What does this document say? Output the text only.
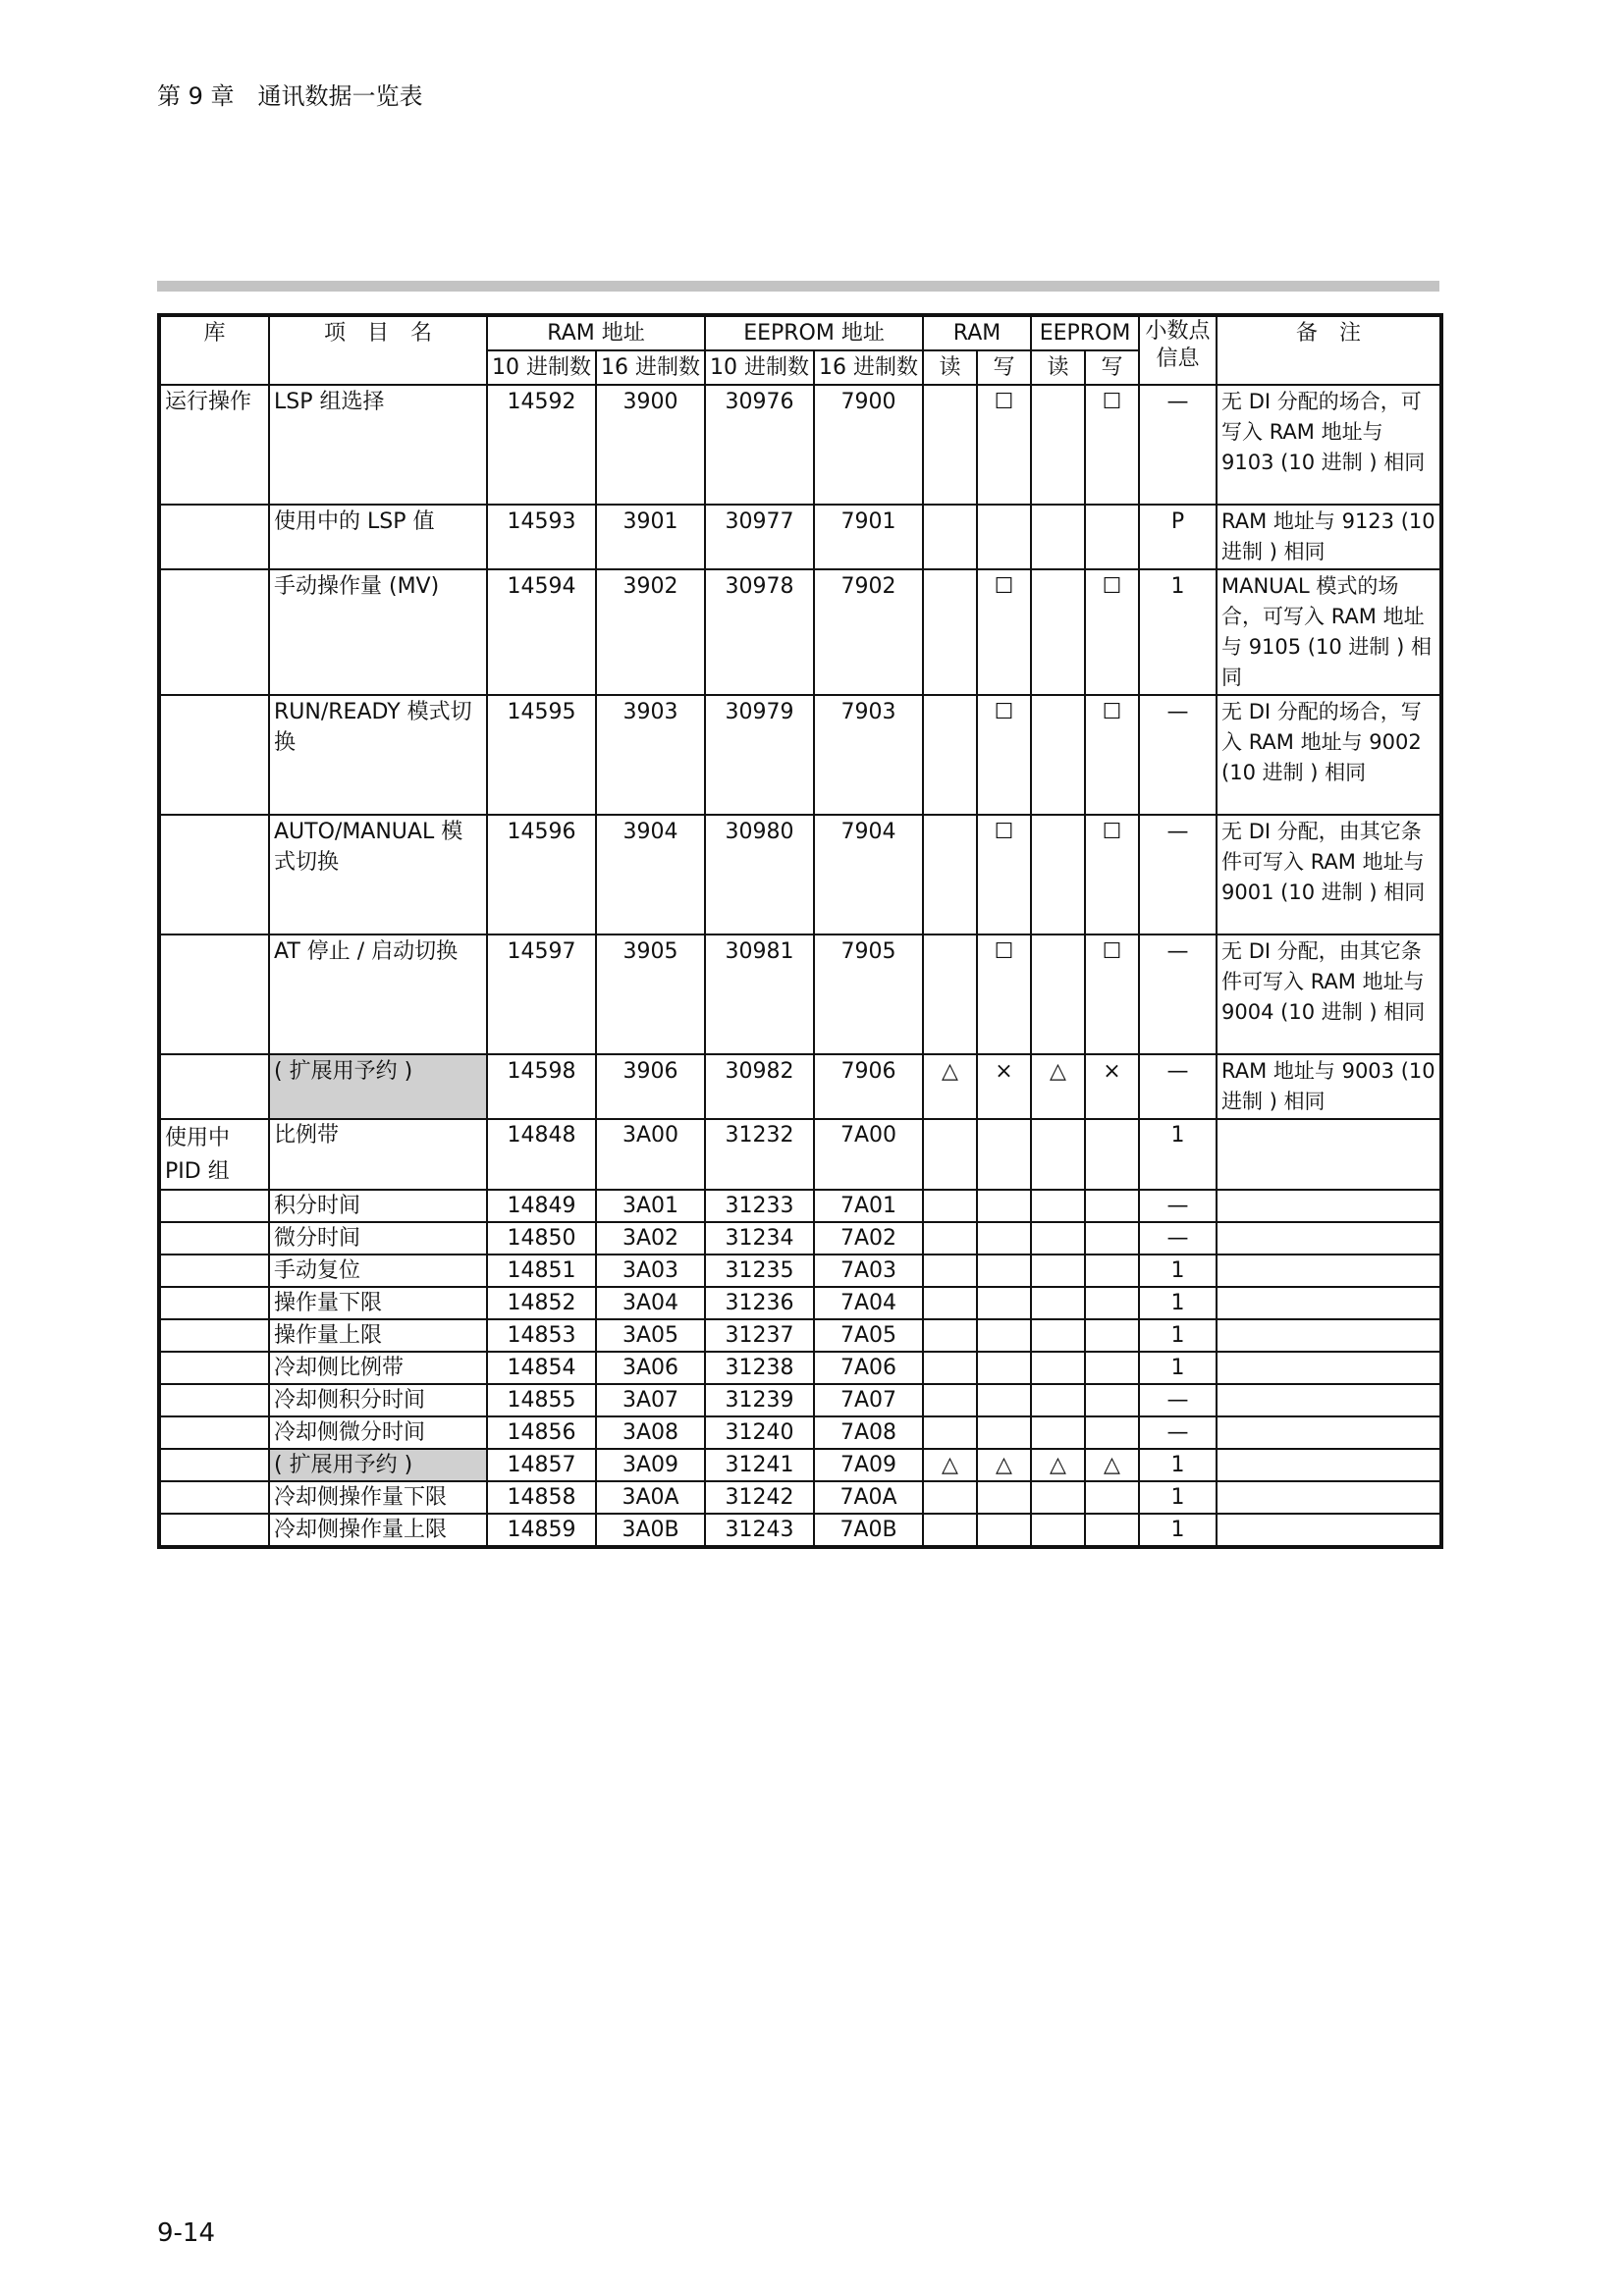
第 9 章　通讯数据一览表
库	项　目　名	RAM 地址		EEPROM 地址		RAM		EEPROM		小数点信息	备　注
		10 进制数	16 进制数	10 进制数	16 进制数	读	写	读	写		
运行操作	LSP 组选择	14592	3900	30976	7900		☐		☐	—	无 DI 分配的场合，可写入 RAM 地址与 9103 (10 进制 ) 相同
	使用中的 LSP 值	14593	3901	30977	7901					P	RAM 地址与 9123 (10 进制 ) 相同
	手动操作量 (MV)	14594	3902	30978	7902		☐		☐	1	MANUAL 模式的场合，可写入 RAM 地址与 9105 (10 进制 ) 相同
	RUN/READY 模式切换	14595	3903	30979	7903		☐		☐	—	无 DI 分配的场合，写入 RAM 地址与 9002 (10 进制 ) 相同
	AUTO/MANUAL 模式切换	14596	3904	30980	7904		☐		☐	—	无 DI 分配，由其它条件可写入 RAM 地址与 9001 (10 进制 ) 相同
	AT 停止 / 启动切换	14597	3905	30981	7905		☐		☐	—	无 DI 分配，由其它条件可写入 RAM 地址与 9004 (10 进制 ) 相同
	( 扩展用予约 )	14598	3906	30982	7906	△	×	△	×	—	RAM 地址与 9003 (10 进制 ) 相同
使用中 PID 组	比例带	14848	3A00	31232	7A00					1	
	积分时间	14849	3A01	31233	7A01					—	
	微分时间	14850	3A02	31234	7A02					—	
	手动复位	14851	3A03	31235	7A03					1	
	操作量下限	14852	3A04	31236	7A04					1	
	操作量上限	14853	3A05	31237	7A05					1	
	冷却侧比例带	14854	3A06	31238	7A06					1	
	冷却侧积分时间	14855	3A07	31239	7A07					—	
	冷却侧微分时间	14856	3A08	31240	7A08					—	
	( 扩展用予约 )	14857	3A09	31241	7A09	△	△	△	△	1	
	冷却侧操作量下限	14858	3A0A	31242	7A0A					1	
	冷却侧操作量上限	14859	3A0B	31243	7A0B					1	
9-14
